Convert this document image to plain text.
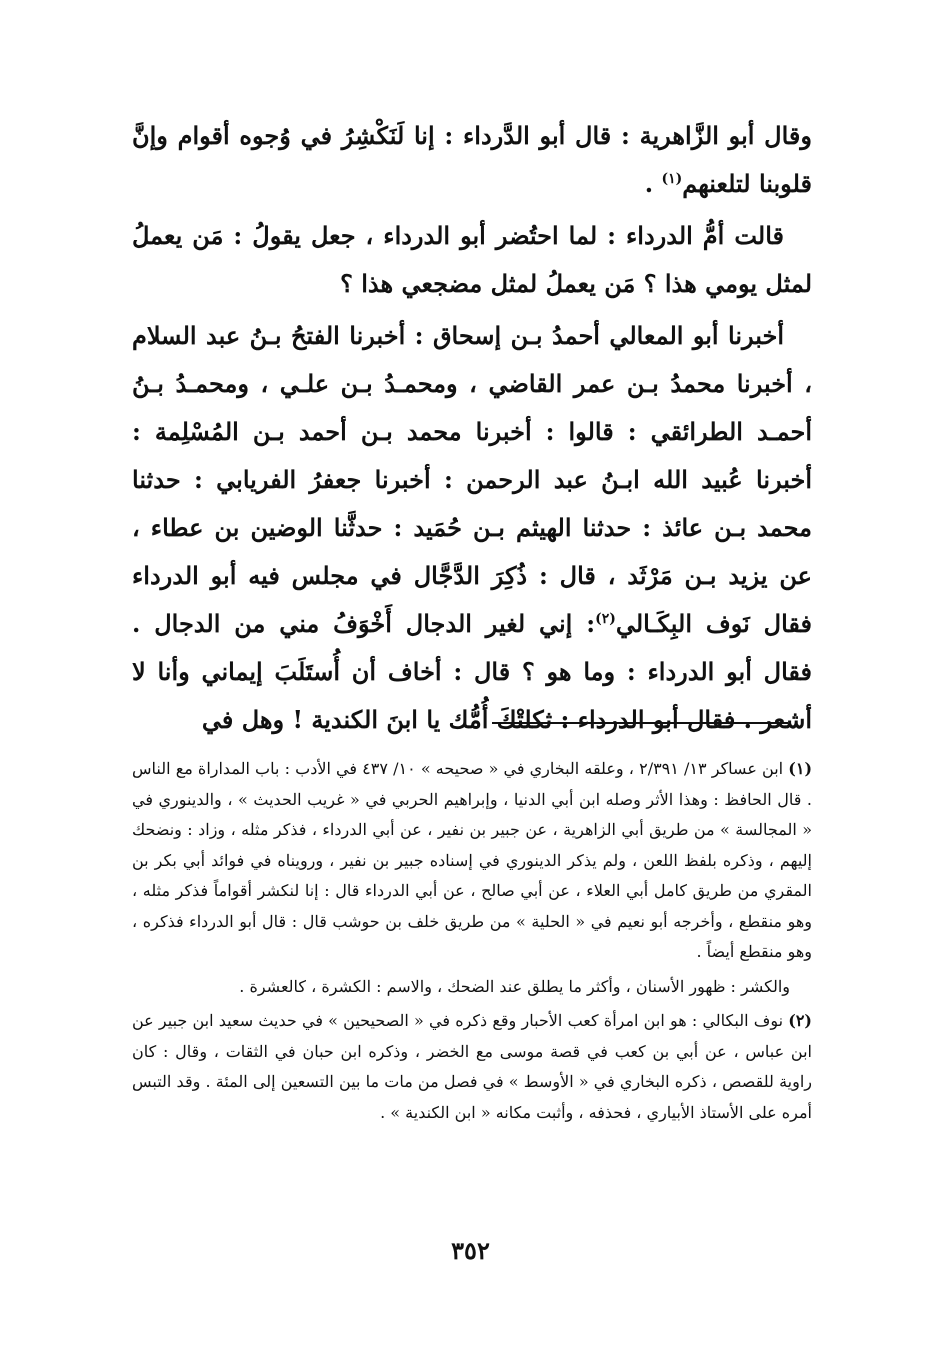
وقال أبو الزَّاهرية : قال أبو الدَّرداء : إنا لَنَكْشِرُ في وُجوه أقوام وإنَّ قلوبنا لتلعنهم$^{(١)}$ .

قالت أمُّ الدرداء : لما احتُضر أبو الدرداء ، جعل يقولُ : مَن يعملُ لمثل يومي هذا ؟ مَن يعملُ لمثل مضجعي هذا ؟

أخبرنا أبو المعالي أحمدُ بـن إسحاق : أخبرنا الفتحُ بـنُ عبد السلام ، أخبرنا محمدُ بـن عمر القاضي ، ومحمـدُ بـن علـي ، ومحمـدُ بـنُ أحمـد الطرائقي : قالوا : أخبرنا محمد بـن أحمد بـن المُسْلِمة : أخبرنا عُبيد الله ابـنُ عبد الرحمن : أخبرنا جعفرُ الفريابي : حدثنا محمد بـن عائذ : حدثنا الهيثم بـن حُمَيد : حدثَّنا الوضين بن عطاء ، عن يزيد بـن مَرْثَد ، قال : ذُكِرَ الدَّجَّال في مجلس فيه أبو الدرداء فقال نَوف البِكَـالي$^{(٢)}$: إني لغير الدجال أَخْوَفُ مني من الدجال . فقال أبو الدرداء : وما هو ؟ قال : أخاف أن أُستَلَبَ إيماني وأنا لا أشعر . فقال أبو الدرداء : ثكلتْكَ أُمُّك يا ابنَ الكندية ! وهل في

(١) ابن عساكر ١٣/ ٢/٣٩١ ، وعلقه البخاري في « صحيحه » ١٠/ ٤٣٧ في الأدب : باب المداراة مع الناس . قال الحافظ : وهذا الأثر وصله ابن أبي الدنيا ، وإبراهيم الحربي في « غريب الحديث » ، والدينوري في « المجالسة » من طريق أبي الزاهرية ، عن جبير بن نفير ، عن أبي الدرداء ، فذكر مثله ، وزاد : ونضحك إليهم ، وذكره بلفظ اللعن ، ولم يذكر الدينوري في إسناده جبير بن نفير ، ورويناه في فوائد أبي بكر بن المقري من طريق كامل أبي العلاء ، عن أبي صالح ، عن أبي الدرداء قال : إنا لنكشر أقواماً فذكر مثله ، وهو منقطع ، وأخرجه أبو نعيم في « الحلية » من طريق خلف بن حوشب قال : قال أبو الدرداء فذكره ، وهو منقطع أيضاً .

والكشر : ظهور الأسنان ، وأكثر ما يطلق عند الضحك ، والاسم : الكشرة ، كالعشرة .

(٢) نوف البكالي : هو ابن امرأة كعب الأحبار وقع ذكره في « الصحيحين » في حديث سعيد ابن جبير عن ابن عباس ، عن أبي بن كعب في قصة موسى مع الخضر ، وذكره ابن حبان في الثقات ، وقال : كان راوية للقصص ، ذكره البخاري في « الأوسط » في فصل من مات ما بين التسعين إلى المئة . وقد التبس أمره على الأستاذ الأبياري ، فحذفه ، وأثبت مكانه « ابن الكندية » .

٣٥٢
